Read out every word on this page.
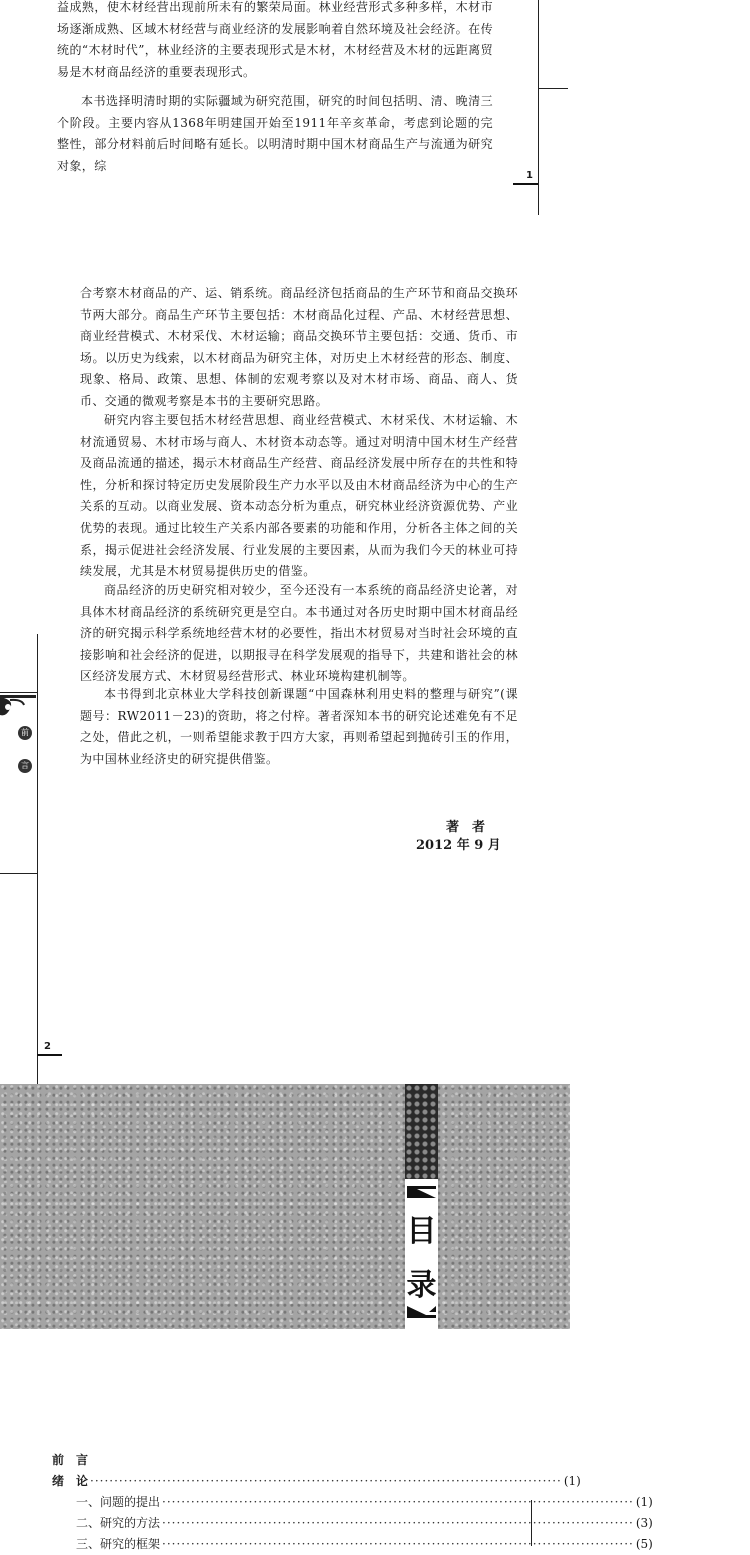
益成熟，使木材经营出现前所未有的繁荣局面。林业经营形式多种多样，木材市场逐渐成熟、区域木材经营与商业经济的发展影响着自然环境及社会经济。在传统的“木材时代”，林业经济的主要表现形式是木材，木材经营及木材的远距离贸易是木材商品经济的重要表现形式。

本书选择明清时期的实际疆域为研究范围，研究的时间包括明、清、晚清三个阶段。主要内容从1368年明建国开始至1911年辛亥革命，考虑到论题的完整性，部分材料前后时间略有延长。以明清时期中国木材商品生产与流通为研究对象，综

1
前
言

合考察木材商品的产、运、销系统。商品经济包括商品的生产环节和商品交换环节两大部分。商品生产环节主要包括：木材商品化过程、产品、木材经营思想、商业经营模式、木材采伐、木材运输；商品交换环节主要包括：交通、货币、市场。以历史为线索，以木材商品为研究主体，对历史上木材经营的形态、制度、现象、格局、政策、思想、体制的宏观考察以及对木材市场、商品、商人、货币、交通的微观考察是本书的主要研究思路。

研究内容主要包括木材经营思想、商业经营模式、木材采伐、木材运输、木材流通贸易、木材市场与商人、木材资本动态等。通过对明清中国木材生产经营及商品流通的描述，揭示木材商品生产经营、商品经济发展中所存在的共性和特性，分析和探讨特定历史发展阶段生产力水平以及由木材商品经济为中心的生产关系的互动。以商业发展、资本动态分析为重点，研究林业经济资源优势、产业优势的表现。通过比较生产关系内部各要素的功能和作用，分析各主体之间的关系，揭示促进社会经济发展、行业发展的主要因素，从而为我们今天的林业可持续发展，尤其是木材贸易提供历史的借鉴。

商品经济的历史研究相对较少，至今还没有一本系统的商品经济史论著，对具体木材商品经济的系统研究更是空白。本书通过对各历史时期中国木材商品经济的研究揭示科学系统地经营木材的必要性，指出木材贸易对当时社会环境的直接影响和社会经济的促进，以期报寻在科学发展观的指导下，共建和谐社会的林区经济发展方式、木材贸易经营形式、林业环境构建机制等。

本书得到北京林业大学科技创新课题“中国森林利用史料的整理与研究”(课题号：RW2011－23)的资助，将之付梓。著者深知本书的研究论述难免有不足之处，借此之机，一则希望能求教于四方大家，再则希望起到抛砖引玉的作用，为中国林业经济史的研究提供借鉴。

著　者
2012 年 9 月
2
目
录
前　言
绪　论 ·································································································· (1)
一、问题的提出 ·································································································· (1)
二、研究的方法 ·································································································· (3)
三、研究的框架 ·································································································· (5)
